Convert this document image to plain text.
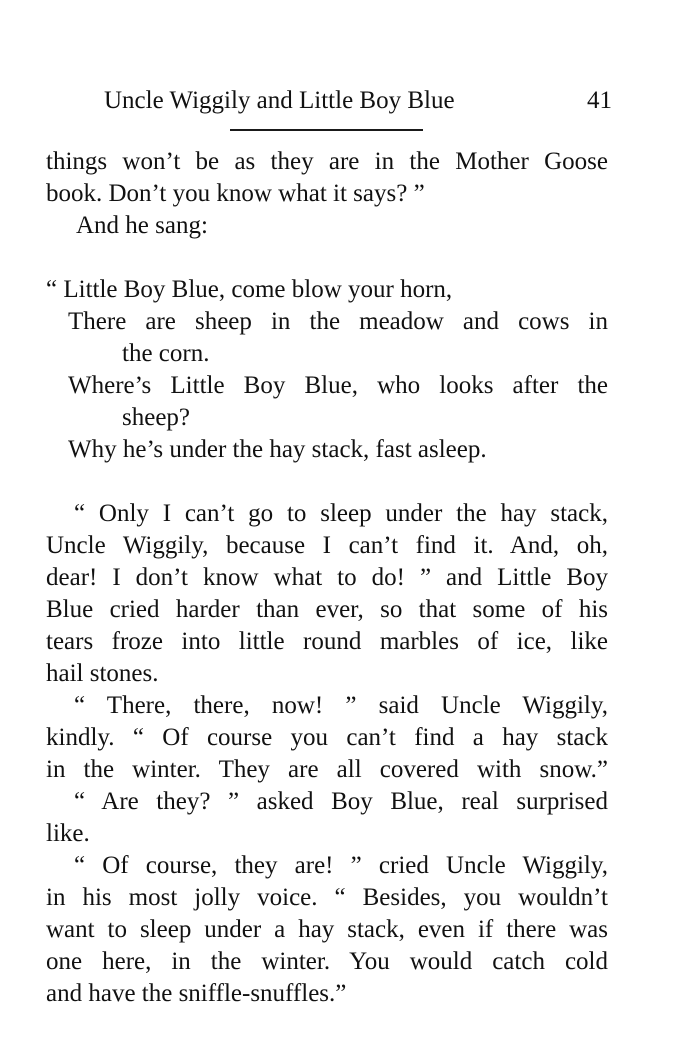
Uncle Wiggily and Little Boy Blue	41
things won’t be as they are in the Mother Goose
book. Don’t you know what it says? ”
And he sang:
“ Little Boy Blue, come blow your horn,
There are sheep in the meadow and cows in
the corn.
Where’s Little Boy Blue, who looks after the
sheep?
Why he’s under the hay stack, fast asleep.
“ Only I can’t go to sleep under the hay stack,
Uncle Wiggily, because I can’t find it. And, oh,
dear! I don’t know what to do! ” and Little Boy
Blue cried harder than ever, so that some of his
tears froze into little round marbles of ice, like
hail stones.
“ There, there, now! ” said Uncle Wiggily,
kindly. “ Of course you can’t find a hay stack
in the winter. They are all covered with snow.”
“ Are they? ” asked Boy Blue, real surprised
like.
“ Of course, they are! ” cried Uncle Wiggily,
in his most jolly voice. “ Besides, you wouldn’t
want to sleep under a hay stack, even if there was
one here, in the winter. You would catch cold
and have the sniffle-snuffles.”
